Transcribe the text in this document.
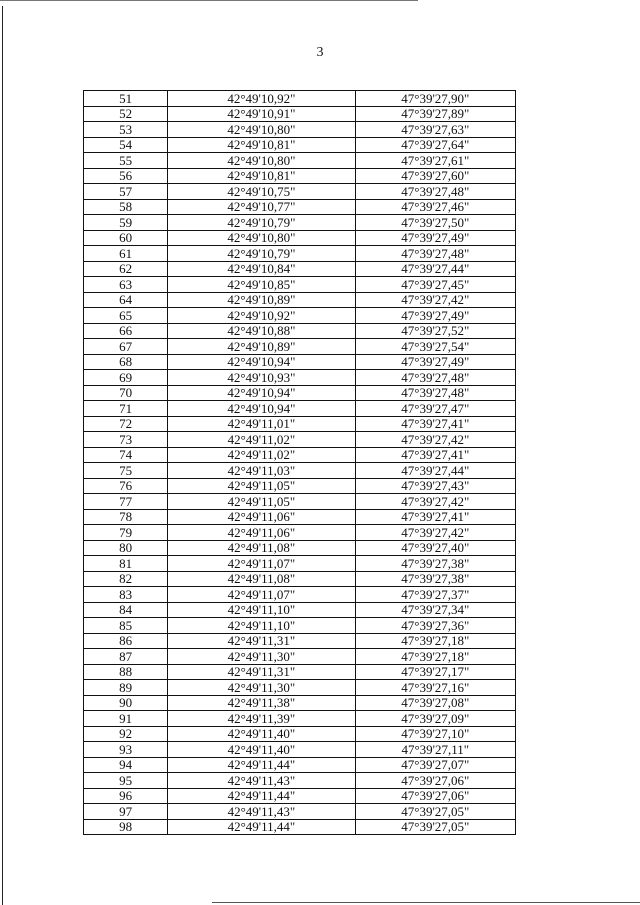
3
51	42°49'10,92"	47°39'27,90"
52	42°49'10,91"	47°39'27,89"
53	42°49'10,80"	47°39'27,63"
54	42°49'10,81"	47°39'27,64"
55	42°49'10,80"	47°39'27,61"
56	42°49'10,81"	47°39'27,60"
57	42°49'10,75"	47°39'27,48"
58	42°49'10,77"	47°39'27,46"
59	42°49'10,79"	47°39'27,50"
60	42°49'10,80"	47°39'27,49"
61	42°49'10,79"	47°39'27,48"
62	42°49'10,84"	47°39'27,44"
63	42°49'10,85"	47°39'27,45"
64	42°49'10,89"	47°39'27,42"
65	42°49'10,92"	47°39'27,49"
66	42°49'10,88"	47°39'27,52"
67	42°49'10,89"	47°39'27,54"
68	42°49'10,94"	47°39'27,49"
69	42°49'10,93"	47°39'27,48"
70	42°49'10,94"	47°39'27,48"
71	42°49'10,94"	47°39'27,47"
72	42°49'11,01"	47°39'27,41"
73	42°49'11,02"	47°39'27,42"
74	42°49'11,02"	47°39'27,41"
75	42°49'11,03"	47°39'27,44"
76	42°49'11,05"	47°39'27,43"
77	42°49'11,05"	47°39'27,42"
78	42°49'11,06"	47°39'27,41"
79	42°49'11,06"	47°39'27,42"
80	42°49'11,08"	47°39'27,40"
81	42°49'11,07"	47°39'27,38"
82	42°49'11,08"	47°39'27,38"
83	42°49'11,07"	47°39'27,37"
84	42°49'11,10"	47°39'27,34"
85	42°49'11,10"	47°39'27,36"
86	42°49'11,31"	47°39'27,18"
87	42°49'11,30"	47°39'27,18"
88	42°49'11,31"	47°39'27,17"
89	42°49'11,30"	47°39'27,16"
90	42°49'11,38"	47°39'27,08"
91	42°49'11,39"	47°39'27,09"
92	42°49'11,40"	47°39'27,10"
93	42°49'11,40"	47°39'27,11"
94	42°49'11,44"	47°39'27,07"
95	42°49'11,43"	47°39'27,06"
96	42°49'11,44"	47°39'27,06"
97	42°49'11,43"	47°39'27,05"
98	42°49'11,44"	47°39'27,05"
